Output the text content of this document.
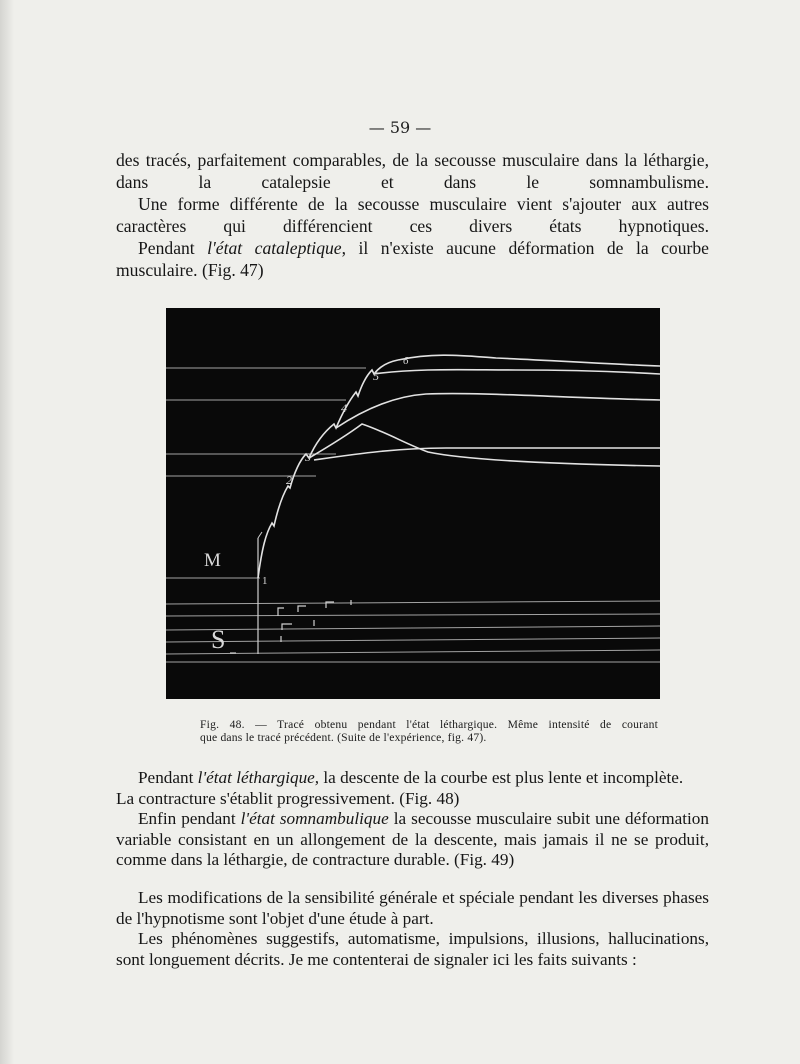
— 59 —

des tracés, parfaitement comparables, de la secousse musculaire dans la léthargie, dans la catalepsie et dans le somnambulisme.

Une forme différente de la secousse musculaire vient s'ajouter aux autres caractères qui différencient ces divers états hypnotiques.

Pendant l'état cataleptique, il n'existe aucune déformation de la courbe musculaire. (Fig. 47)

M
S
1
2
3
4
5
6
Fig. 48. — Tracé obtenu pendant l'état léthargique. Même intensité de courant
que dans le tracé précédent. (Suite de l'expérience, fig. 47).

Pendant l'état léthargique, la descente de la courbe est plus lente et incomplète.

La contracture s'établit progressivement. (Fig. 48)

Enfin pendant l'état somnambulique la secousse musculaire subit une déformation variable consistant en un allongement de la descente, mais jamais il ne se produit, comme dans la léthargie, de contracture durable. (Fig. 49)

Les modifications de la sensibilité générale et spéciale pendant les diverses phases de l'hypnotisme sont l'objet d'une étude à part.

Les phénomènes suggestifs, automatisme, impulsions, illusions, hallucinations, sont longuement décrits. Je me contenterai de signaler ici les faits suivants :
